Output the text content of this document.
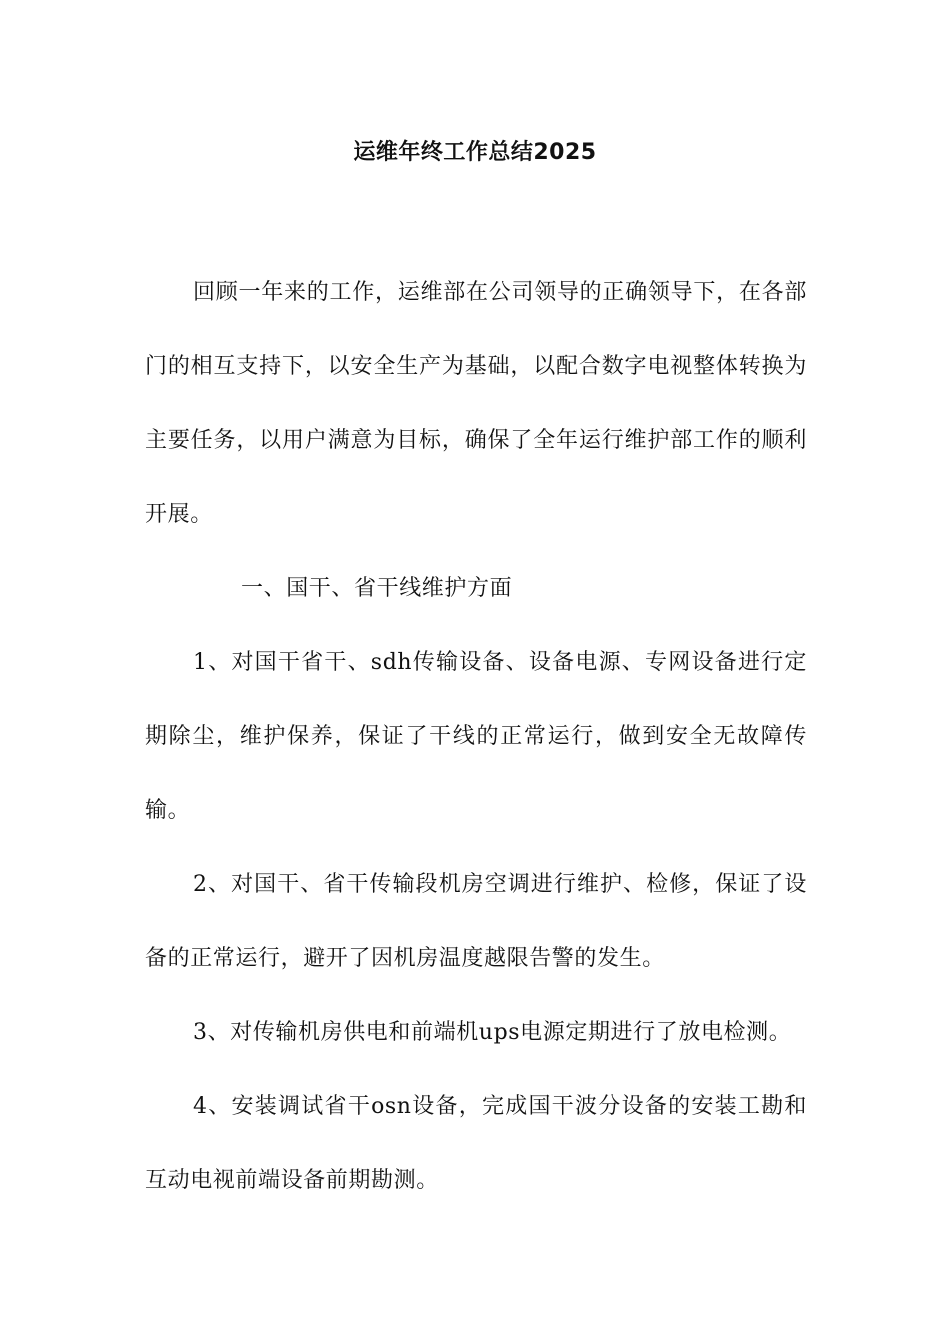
运维年终工作总结2025

回顾一年来的工作，运维部在公司领导的正确领导下，在各部门的相互支持下，以安全生产为基础，以配合数字电视整体转换为主要任务，以用户满意为目标，确保了全年运行维护部工作的顺利开展。

一、国干、省干线维护方面

1、对国干省干、sdh传输设备、设备电源、专网设备进行定期除尘，维护保养，保证了干线的正常运行，做到安全无故障传输。

2、对国干、省干传输段机房空调进行维护、检修，保证了设备的正常运行，避开了因机房温度越限告警的发生。

3、对传输机房供电和前端机ups电源定期进行了放电检测。

4、安装调试省干osn设备，完成国干波分设备的安装工勘和互动电视前端设备前期勘测。
